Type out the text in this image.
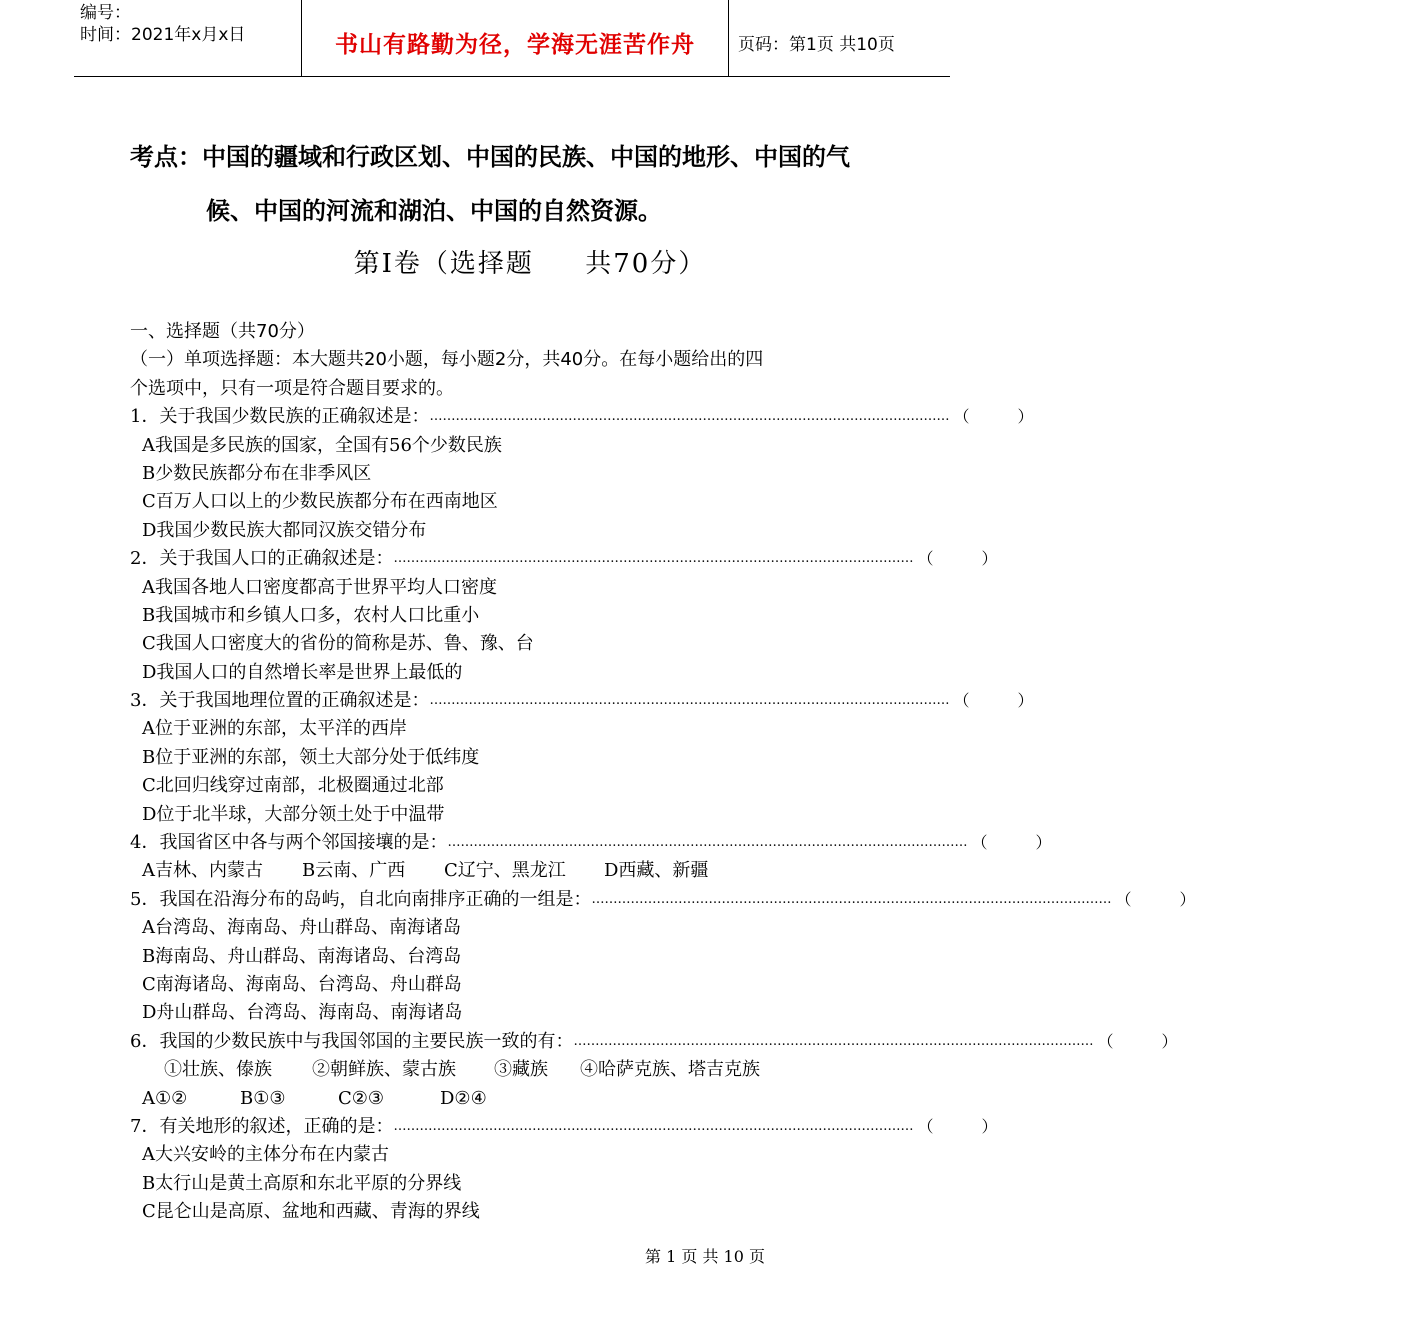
编号：
时间：2021年x月x日	书山有路勤为径，学海无涯苦作舟	页码：第1页 共10页
考点：中国的疆域和行政区划、中国的民族、中国的地形、中国的气
候、中国的河流和湖泊、中国的自然资源。
第Ⅰ卷（选择题     共70分）
一、选择题（共70分）
（一）单项选择题：本大题共20小题，每小题2分，共40分。在每小题给出的四
个选项中，只有一项是符合题目要求的。
1．关于我国少数民族的正确叙述是： ………………………………………………………………………………………………………… （	）
A我国是多民族的国家，全国有56个少数民族
B少数民族都分布在非季风区
C百万人口以上的少数民族都分布在西南地区
D我国少数民族大都同汉族交错分布
2．关于我国人口的正确叙述是： ………………………………………………………………………………………………………… （	）
A我国各地人口密度都高于世界平均人口密度
B我国城市和乡镇人口多，农村人口比重小
C我国人口密度大的省份的简称是苏、鲁、豫、台
D我国人口的自然增长率是世界上最低的
3．关于我国地理位置的正确叙述是： ………………………………………………………………………………………………………… （	）
A位于亚洲的东部，太平洋的西岸
B位于亚洲的东部，领土大部分处于低纬度
C北回归线穿过南部，北极圈通过北部
D位于北半球，大部分领土处于中温带
4．我国省区中各与两个邻国接壤的是： ………………………………………………………………………………………………………… （	）
A吉林、内蒙古 B云南、广西 C辽宁、黑龙江 D西藏、新疆
5．我国在沿海分布的岛屿，自北向南排序正确的一组是： ………………………………………………………………………………………………………… （	）
A台湾岛、海南岛、舟山群岛、南海诸岛
B海南岛、舟山群岛、南海诸岛、台湾岛
C南海诸岛、海南岛、台湾岛、舟山群岛
D舟山群岛、台湾岛、海南岛、南海诸岛
6．我国的少数民族中与我国邻国的主要民族一致的有： ………………………………………………………………………………………………………… （	）
①壮族、傣族 ②朝鲜族、蒙古族 ③藏族 ④哈萨克族、塔吉克族
A①②	B①③	C②③	D②④
7．有关地形的叙述，正确的是： ………………………………………………………………………………………………………… （	）
A大兴安岭的主体分布在内蒙古
B太行山是黄土高原和东北平原的分界线
C昆仑山是高原、盆地和西藏、青海的界线
第 1 页 共 10 页
